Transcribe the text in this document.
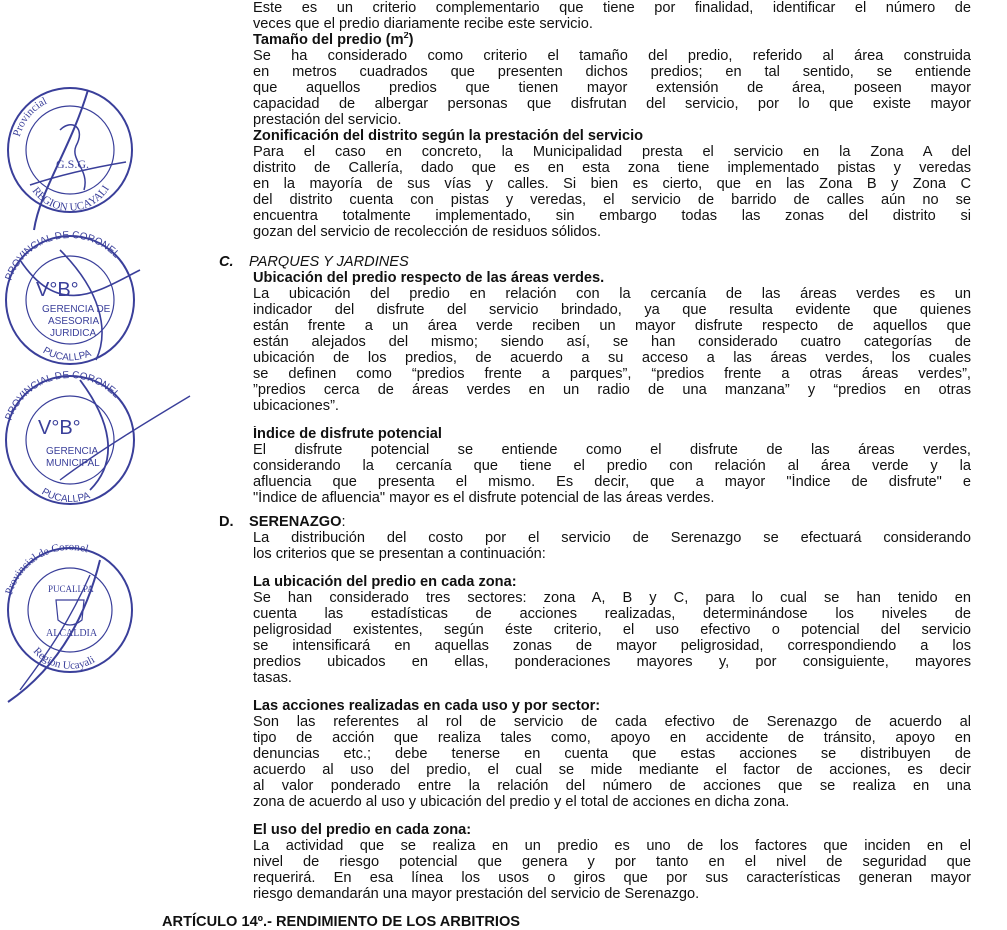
Provincial
REGION UCAYALI
G.S.G.
PROVINCIAL DE CORONEL
PUCALLPA
V°B°
GERENCIA DE
ASESORIA
JURIDICA
PROVINCIAL DE CORONEL
PUCALLPA
V°B°
GERENCIA
MUNICIPAL
Provincial de Coronel
Region Ucayali
PUCALLPA
ALCALDIA
Este es un criterio complementario que tiene por finalidad, identificar el número de
veces que el predio diariamente recibe este servicio.
Tamaño del predio $(m^2)$
Se ha considerado como criterio el tamaño del predio, referido al área construida
en metros cuadrados que presenten dichos predios; en tal sentido, se entiende
que aquellos predios que tienen mayor extensión de área, poseen mayor
capacidad de albergar personas que disfrutan del servicio, por lo que existe mayor
prestación del servicio.
Zonificación del distrito según la prestación del servicio
Para el caso en concreto, la Municipalidad presta el servicio en la Zona A del
distrito de Callería, dado que es en esta zona tiene implementado pistas y veredas
en la mayoría de sus vías y calles. Si bien es cierto, que en las Zona B y Zona C
del distrito cuenta con pistas y veredas, el servicio de barrido de calles aún no se
encuentra totalmente implementado, sin embargo todas las zonas del distrito si
gozan del servicio de recolección de residuos sólidos.
C. PARQUES Y JARDINES
Ubicación del predio respecto de las áreas verdes.
La ubicación del predio en relación con la cercanía de las áreas verdes es un
indicador del disfrute del servicio brindado, ya que resulta evidente que quienes
están frente a un área verde reciben un mayor disfrute respecto de aquellos que
están alejados del mismo; siendo así, se han considerado cuatro categorías de
ubicación de los predios, de acuerdo a su acceso a las áreas verdes, los cuales
se definen como “predios frente a parques”, “predios frente a otras áreas verdes”,
”predios cerca de áreas verdes en un radio de una manzana” y “predios en otras
ubicaciones”.
Índice de disfrute potencial
El disfrute potencial se entiende como el disfrute de las áreas verdes,
considerando la cercanía que tiene el predio con relación al área verde y la
afluencia que presenta el mismo. Es decir, que a mayor "Índice de disfrute" e
"Índice de afluencia" mayor es el disfrute potencial de las áreas verdes.
D. SERENAZGO:
La distribución del costo por el servicio de Serenazgo se efectuará considerando
los criterios que se presentan a continuación:
La ubicación del predio en cada zona:
Se han considerado tres sectores: zona A, B y C, para lo cual se han tenido en
cuenta las estadísticas de acciones realizadas, determinándose los niveles de
peligrosidad existentes, según éste criterio, el uso efectivo o potencial del servicio
se intensificará en aquellas zonas de mayor peligrosidad, correspondiendo a los
predios ubicados en ellas, ponderaciones mayores y, por consiguiente, mayores
tasas.
Las acciones realizadas en cada uso y por sector:
Son las referentes al rol de servicio de cada efectivo de Serenazgo de acuerdo al
tipo de acción que realiza tales como, apoyo en accidente de tránsito, apoyo en
denuncias etc.; debe tenerse en cuenta que estas acciones se distribuyen de
acuerdo al uso del predio, el cual se mide mediante el factor de acciones, es decir
al valor ponderado entre la relación del número de acciones que se realiza en una
zona de acuerdo al uso y ubicación del predio y el total de acciones en dicha zona.
El uso del predio en cada zona:
La actividad que se realiza en un predio es uno de los factores que inciden en el
nivel de riesgo potencial que genera y por tanto en el nivel de seguridad que
requerirá. En esa línea los usos o giros que por sus características generan mayor
riesgo demandarán una mayor prestación del servicio de Serenazgo.
ARTÍCULO 14º.- RENDIMIENTO DE LOS ARBITRIOS
